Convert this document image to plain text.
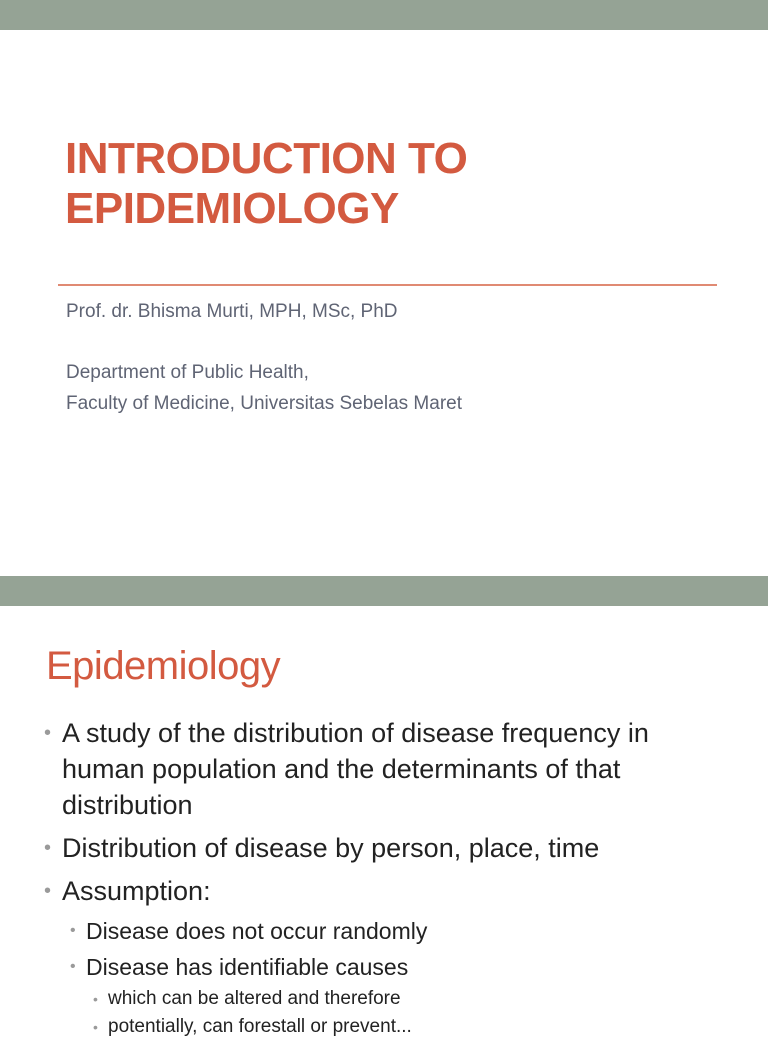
INTRODUCTION TO
EPIDEMIOLOGY
Prof. dr. Bhisma Murti, MPH, MSc, PhD
Department of Public Health,
Faculty of Medicine, Universitas Sebelas Maret
Epidemiology
• A study of the distribution of disease frequency in
human population and the determinants of that
distribution
• Distribution of disease by person, place, time
• Assumption:
• Disease does not occur randomly
• Disease has identifiable causes
• which can be altered and therefore
• potentially, can forestall or prevent...
